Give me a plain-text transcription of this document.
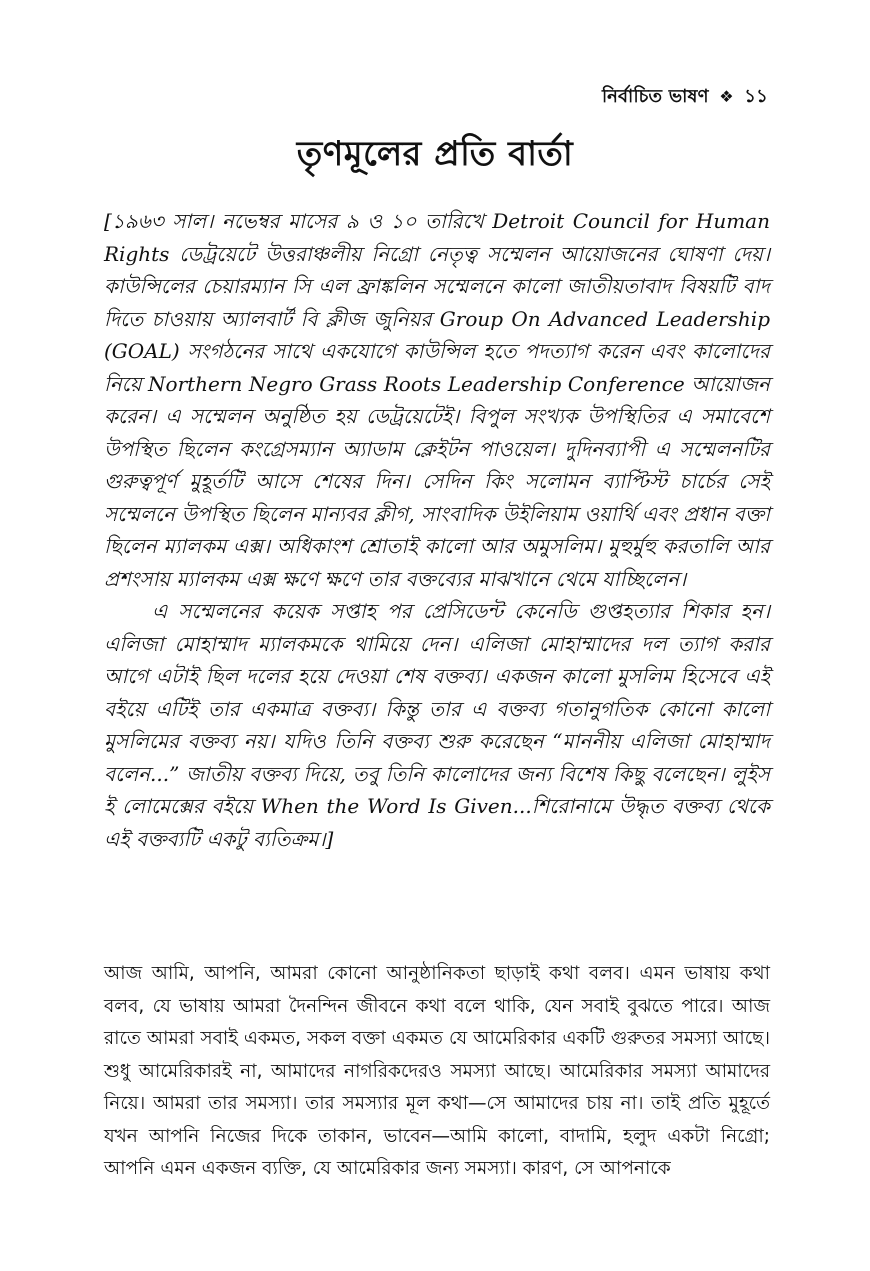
নির্বাচিত ভাষণ ❖ ১১
তৃণমূলের প্রতি বার্তা

[১৯৬৩ সাল। নভেম্বর মাসের ৯ ও ১০ তারিখে Detroit Council for Human Rights ডেট্রয়েটে উত্তরাঞ্চলীয় নিগ্রো নেতৃত্ব সম্মেলন আয়োজনের ঘোষণা দেয়। কাউন্সিলের চেয়ারম্যান সি এল ফ্রাঙ্কলিন সম্মেলনে কালো জাতীয়তাবাদ বিষয়টি বাদ দিতে চাওয়ায় অ্যালবার্ট বি ক্লীজ জুনিয়র Group On Advanced Leadership (GOAL) সংগঠনের সাথে একযোগে কাউন্সিল হতে পদত্যাগ করেন এবং কালোদের নিয়ে Northern Negro Grass Roots Leadership Conference আয়োজন করেন। এ সম্মেলন অনুষ্ঠিত হয় ডেট্রয়েটেই। বিপুল সংখ্যক উপস্থিতির এ সমাবেশে উপস্থিত ছিলেন কংগ্রেসম্যান অ্যাডাম ক্লেইটন পাওয়েল। দুদিনব্যাপী এ সম্মেলনটির গুরুত্বপূর্ণ মুহূর্তটি আসে শেষের দিন। সেদিন কিং সলোমন ব্যাপ্টিস্ট চার্চের সেই সম্মেলনে উপস্থিত ছিলেন মান্যবর ক্লীগ, সাংবাদিক উইলিয়াম ওয়ার্থি এবং প্রধান বক্তা ছিলেন ম্যালকম এক্স। অধিকাংশ শ্রোতাই কালো আর অমুসলিম। মুহুর্মুহু করতালি আর প্রশংসায় ম্যালকম এক্স ক্ষণে ক্ষণে তার বক্তব্যের মাঝখানে থেমে যাচ্ছিলেন।

এ সম্মেলনের কয়েক সপ্তাহ পর প্রেসিডেন্ট কেনেডি গুপ্তহত্যার শিকার হন। এলিজা মোহাম্মাদ ম্যালকমকে থামিয়ে দেন। এলিজা মোহাম্মাদের দল ত্যাগ করার আগে এটাই ছিল দলের হয়ে দেওয়া শেষ বক্তব্য। একজন কালো মুসলিম হিসেবে এই বইয়ে এটিই তার একমাত্র বক্তব্য। কিন্তু তার এ বক্তব্য গতানুগতিক কোনো কালো মুসলিমের বক্তব্য নয়। যদিও তিনি বক্তব্য শুরু করেছেন “মাননীয় এলিজা মোহাম্মাদ বলেন...” জাতীয় বক্তব্য দিয়ে, তবু তিনি কালোদের জন্য বিশেষ কিছু বলেছেন। লুইস ই লোমেক্সের বইয়ে When the Word Is Given...শিরোনামে উদ্ধৃত বক্তব্য থেকে এই বক্তব্যটি একটু ব্যতিক্রম।]

আজ আমি, আপনি, আমরা কোনো আনুষ্ঠানিকতা ছাড়াই কথা বলব। এমন ভাষায় কথা বলব, যে ভাষায় আমরা দৈনন্দিন জীবনে কথা বলে থাকি, যেন সবাই বুঝতে পারে। আজ রাতে আমরা সবাই একমত, সকল বক্তা একমত যে আমেরিকার একটি গুরুতর সমস্যা আছে। শুধু আমেরিকারই না, আমাদের নাগরিকদেরও সমস্যা আছে। আমেরিকার সমস্যা আমাদের নিয়ে। আমরা তার সমস্যা। তার সমস্যার মূল কথা—সে আমাদের চায় না। তাই প্রতি মুহূর্তে যখন আপনি নিজের দিকে তাকান, ভাবেন—আমি কালো, বাদামি, হলুদ একটা নিগ্রো; আপনি এমন একজন ব্যক্তি, যে আমেরিকার জন্য সমস্যা। কারণ, সে আপনাকে
